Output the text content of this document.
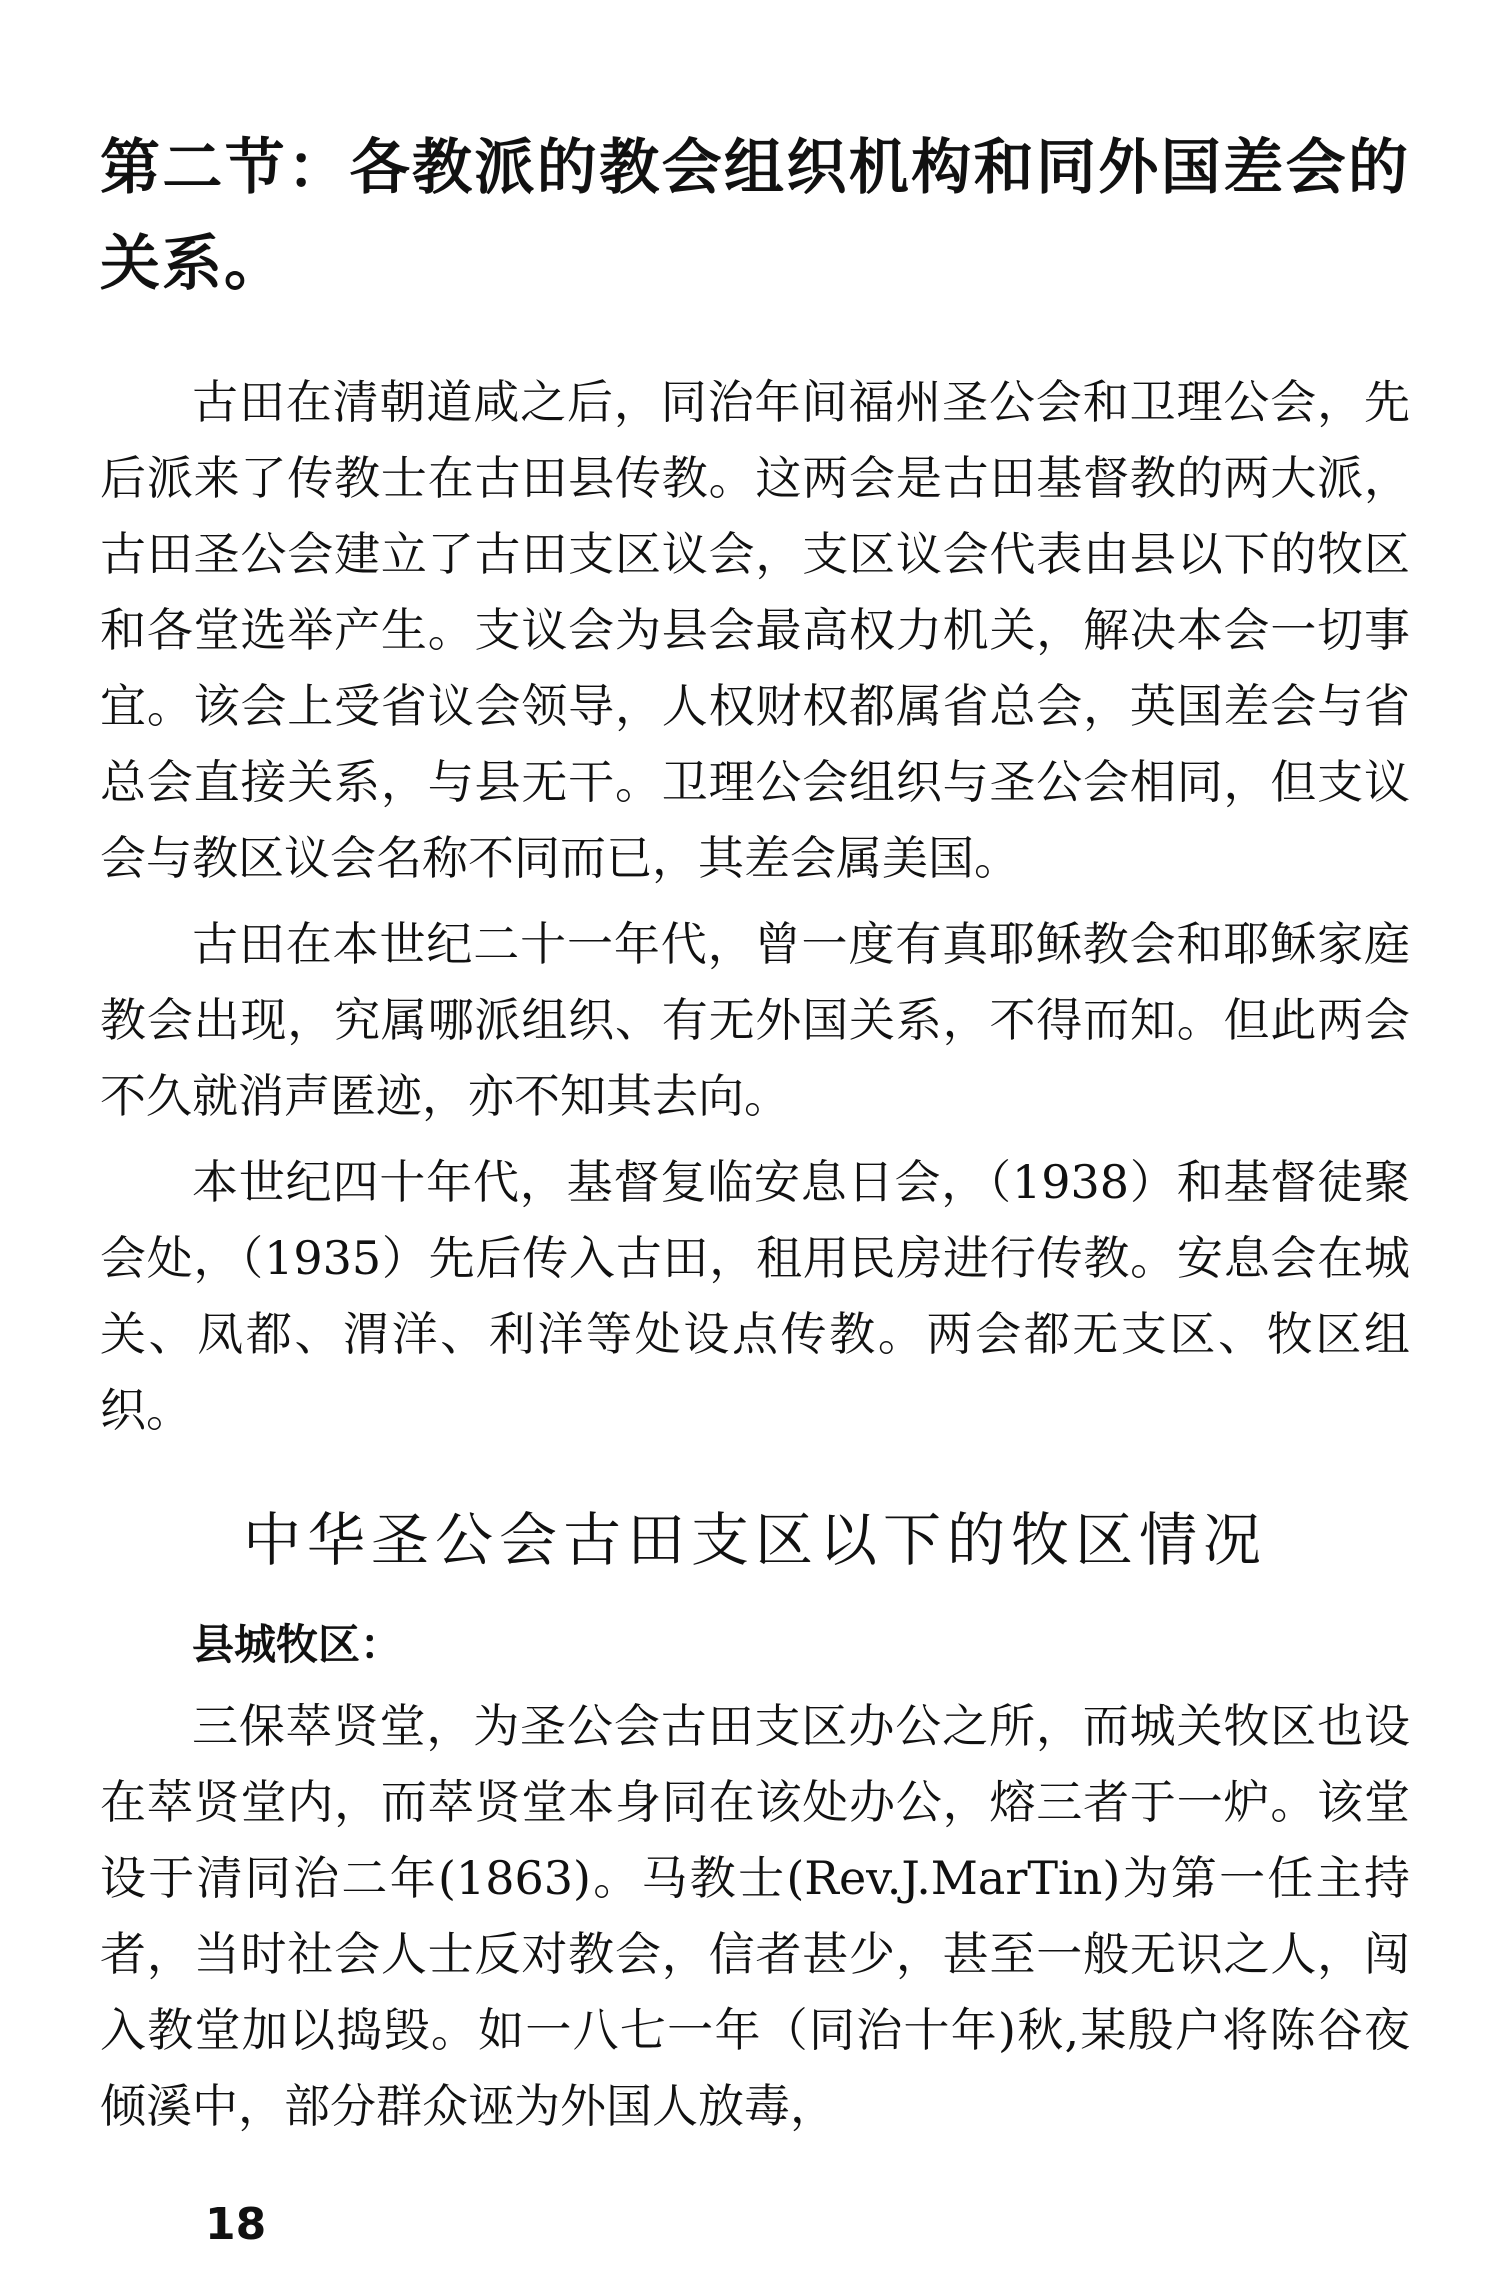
第二节：各教派的教会组织机构和同外国差会的关系。

古田在清朝道咸之后，同治年间福州圣公会和卫理公会，先后派来了传教士在古田县传教。这两会是古田基督教的两大派，古田圣公会建立了古田支区议会，支区议会代表由县以下的牧区和各堂选举产生。支议会为县会最高权力机关，解决本会一切事宜。该会上受省议会领导，人权财权都属省总会，英国差会与省总会直接关系，与县无干。卫理公会组织与圣公会相同，但支议会与教区议会名称不同而已，其差会属美国。

古田在本世纪二十一年代，曾一度有真耶稣教会和耶稣家庭教会出现，究属哪派组织、有无外国关系，不得而知。但此两会不久就消声匿迹，亦不知其去向。

本世纪四十年代，基督复临安息日会，（1938）和基督徒聚会处，（1935）先后传入古田，租用民房进行传教。安息会在城关、凤都、渭洋、利洋等处设点传教。两会都无支区、牧区组织。

中华圣公会古田支区以下的牧区情况
县城牧区：

三保萃贤堂，为圣公会古田支区办公之所，而城关牧区也设在萃贤堂内，而萃贤堂本身同在该处办公，熔三者于一炉。该堂设于清同治二年(1863)。马教士(Rev.J.MarTin)为第一任主持者，当时社会人士反对教会，信者甚少，甚至一般无识之人，闯入教堂加以捣毁。如一八七一年（同治十年)秋,某殷户将陈谷夜倾溪中，部分群众诬为外国人放毒，

18
